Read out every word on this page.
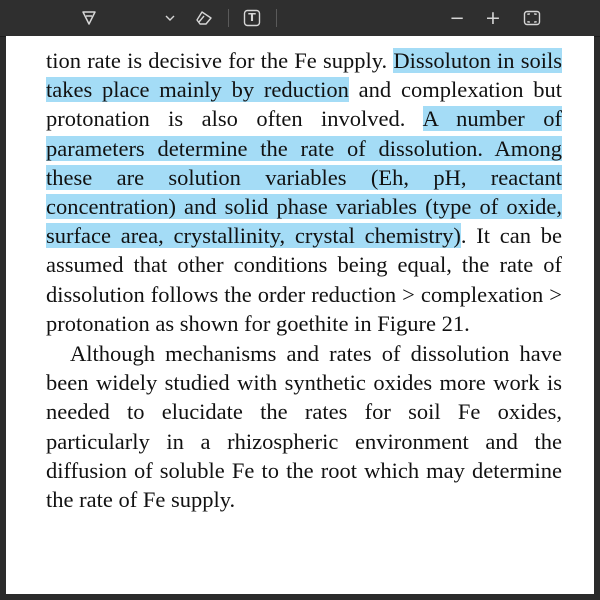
T	− +

tion rate is decisive for the Fe supply. Dissoluton in soils takes place mainly by reduction and complexation but protonation is also often involved. A number of parameters determine the rate of dissolution. Among these are solution variables (Eh, pH, reactant concentration) and solid phase variables (type of oxide, surface area, crystallinity, crystal chemistry). It can be assumed that other conditions being equal, the rate of dissolution follows the order reduction > complexation > protonation as shown for goethite in Figure 21.

Although mechanisms and rates of dissolution have been widely studied with synthetic oxides more work is needed to elucidate the rates for soil Fe oxides, particularly in a rhizospheric environment and the diffusion of soluble Fe to the root which may determine the rate of Fe supply.
